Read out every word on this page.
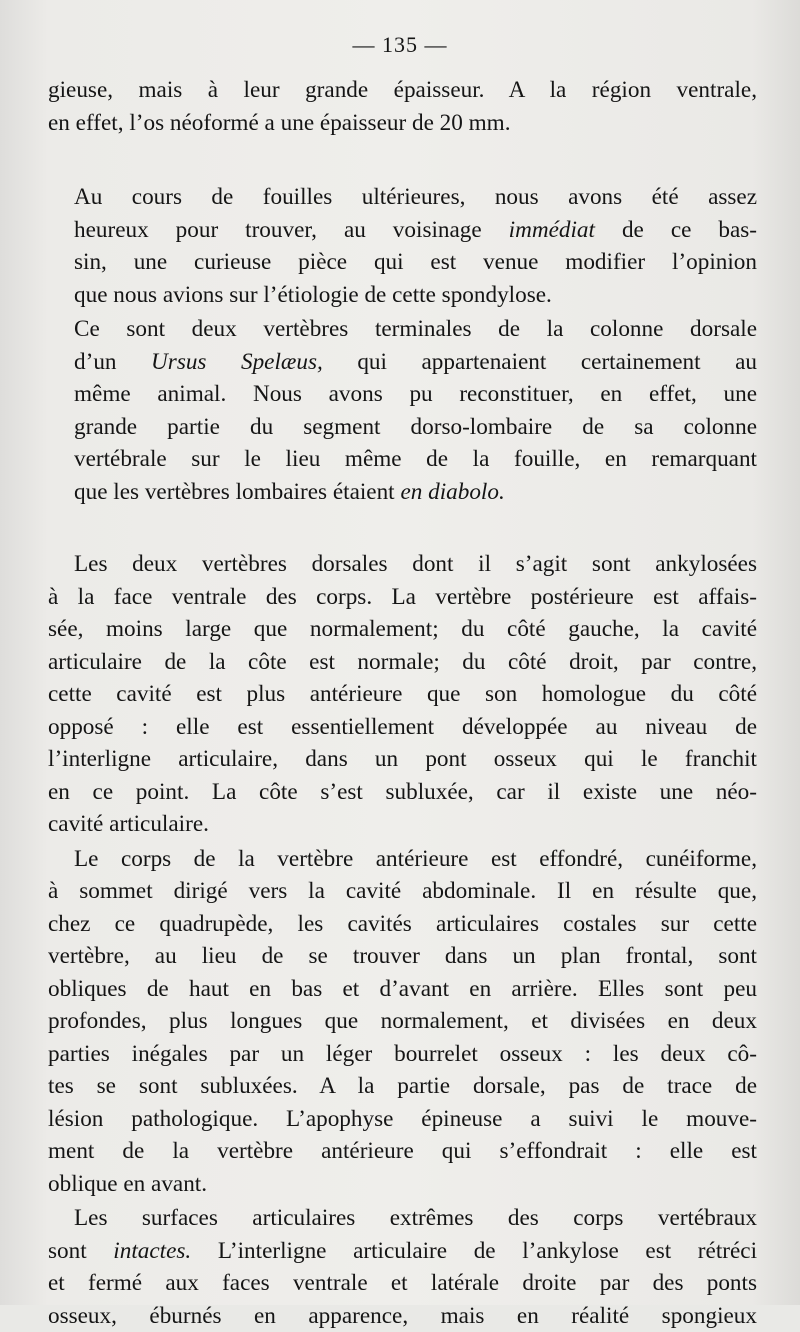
— 135 —
gieuse, mais à leur grande épaisseur. A la région ventrale,
en effet, l’os néoformé a une épaisseur de 20 mm.
Au cours de fouilles ultérieures, nous avons été assez
heureux pour trouver, au voisinage immédiat de ce bas-
sin, une curieuse pièce qui est venue modifier l’opinion
que nous avions sur l’étiologie de cette spondylose.
Ce sont deux vertèbres terminales de la colonne dorsale
d’un Ursus Spelæus, qui appartenaient certainement au
même animal. Nous avons pu reconstituer, en effet, une
grande partie du segment dorso-lombaire de sa colonne
vertébrale sur le lieu même de la fouille, en remarquant
que les vertèbres lombaires étaient en diabolo.
Les deux vertèbres dorsales dont il s’agit sont ankylosées
à la face ventrale des corps. La vertèbre postérieure est affais-
sée, moins large que normalement; du côté gauche, la cavité
articulaire de la côte est normale; du côté droit, par contre,
cette cavité est plus antérieure que son homologue du côté
opposé : elle est essentiellement développée au niveau de
l’interligne articulaire, dans un pont osseux qui le franchit
en ce point. La côte s’est subluxée, car il existe une néo-
cavité articulaire.
Le corps de la vertèbre antérieure est effondré, cunéiforme,
à sommet dirigé vers la cavité abdominale. Il en résulte que,
chez ce quadrupède, les cavités articulaires costales sur cette
vertèbre, au lieu de se trouver dans un plan frontal, sont
obliques de haut en bas et d’avant en arrière. Elles sont peu
profondes, plus longues que normalement, et divisées en deux
parties inégales par un léger bourrelet osseux : les deux cô-
tes se sont subluxées. A la partie dorsale, pas de trace de
lésion pathologique. L’apophyse épineuse a suivi le mouve-
ment de la vertèbre antérieure qui s’effondrait : elle est
oblique en avant.
Les surfaces articulaires extrêmes des corps vertébraux
sont intactes. L’interligne articulaire de l’ankylose est rétréci
et fermé aux faces ventrale et latérale droite par des ponts
osseux, éburnés en apparence, mais en réalité spongieux
